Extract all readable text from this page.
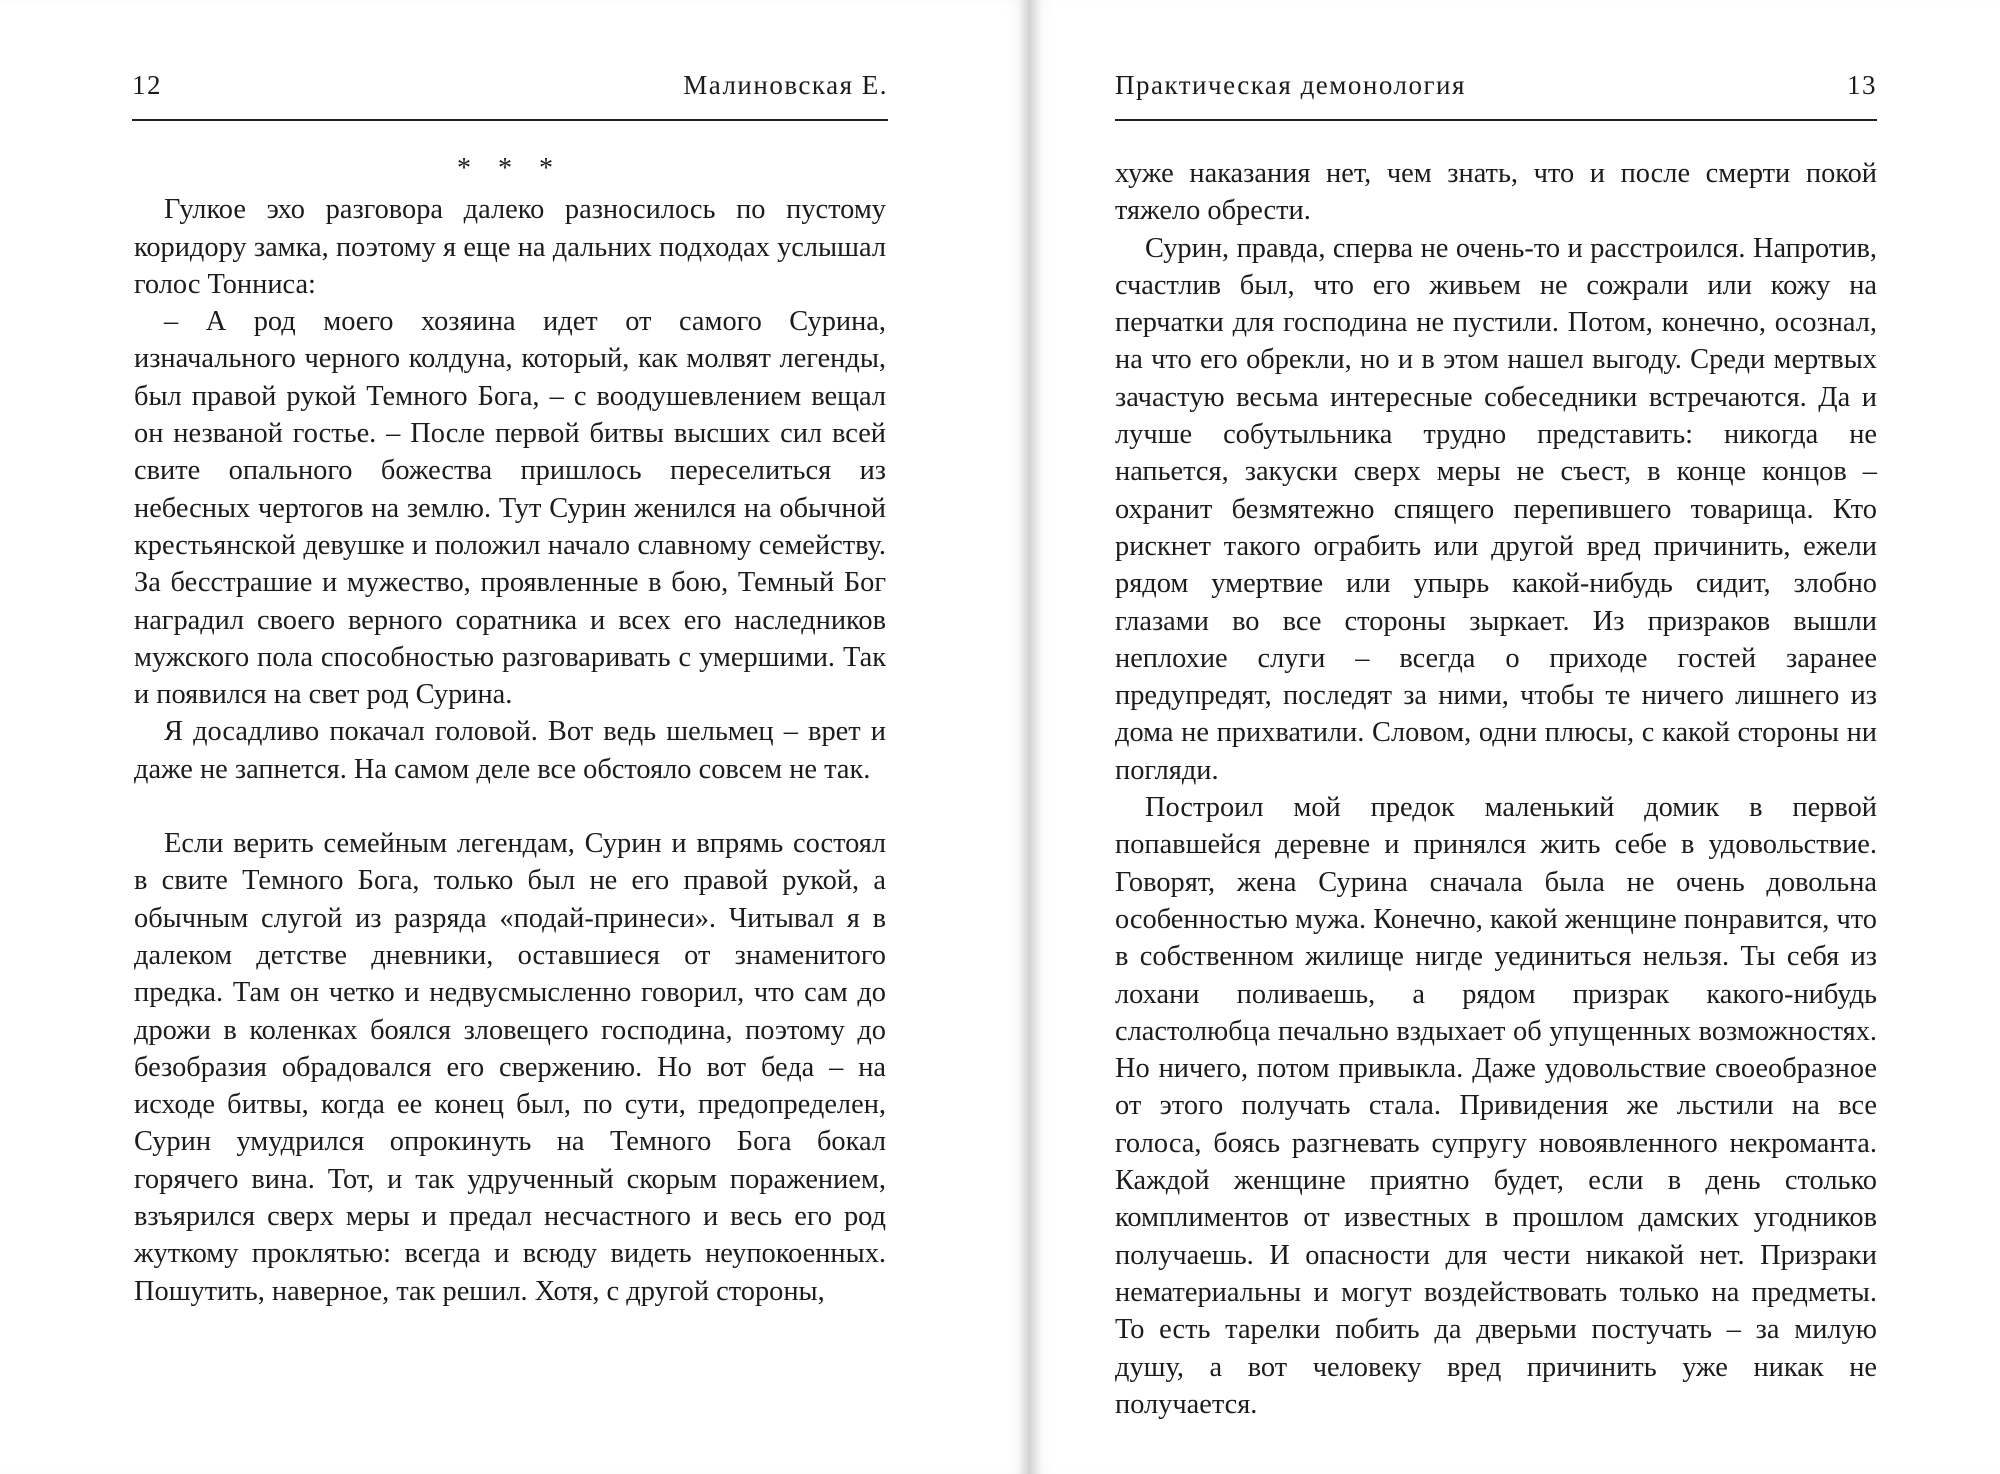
12	Малиновская Е.	Практическая демонология	13
* * *

Гулкое эхо разговора далеко разносилось по пустому коридору замка, поэтому я еще на дальних подходах услышал голос Тонниса:

– А род моего хозяина идет от самого Сурина, изначального черного колдуна, который, как молвят легенды, был правой рукой Темного Бога, – с воодушевлением вещал он незваной гостье. – После первой битвы высших сил всей свите опального божества пришлось переселиться из небесных чертогов на землю. Тут Сурин женился на обычной крестьянской девушке и положил начало славному семейству. За бесстрашие и мужество, проявленные в бою, Темный Бог наградил своего верного соратника и всех его наследников мужского пола способностью разговаривать с умершими. Так и появился на свет род Сурина.

Я досадливо покачал головой. Вот ведь шельмец – врет и даже не запнется. На самом деле все обстояло совсем не так.

Если верить семейным легендам, Сурин и впрямь состоял в свите Темного Бога, только был не его правой рукой, а обычным слугой из разряда «подай-принеси». Читывал я в далеком детстве дневники, оставшиеся от знаменитого предка. Там он четко и недвусмысленно говорил, что сам до дрожи в коленках боялся зловещего господина, поэтому до безобразия обрадовался его свержению. Но вот беда – на исходе битвы, когда ее конец был, по сути, предопределен, Сурин умудрился опрокинуть на Темного Бога бокал горячего вина. Тот, и так удрученный скорым поражением, взъярился сверх меры и предал несчастного и весь его род жуткому проклятью: всегда и всюду видеть неупокоенных. Пошутить, наверное, так решил. Хотя, с другой стороны,

хуже наказания нет, чем знать, что и после смерти покой тяжело обрести.

Сурин, правда, сперва не очень-то и расстроился. Напротив, счастлив был, что его живьем не сожрали или кожу на перчатки для господина не пустили. Потом, конечно, осознал, на что его обрекли, но и в этом нашел выгоду. Среди мертвых зачастую весьма интересные собеседники встречаются. Да и лучше собутыльника трудно представить: никогда не напьется, закуски сверх меры не съест, в конце концов – охранит безмятежно спящего перепившего товарища. Кто рискнет такого ограбить или другой вред причинить, ежели рядом умертвие или упырь какой-нибудь сидит, злобно глазами во все стороны зыркает. Из призраков вышли неплохие слуги – всегда о приходе гостей заранее предупредят, последят за ними, чтобы те ничего лишнего из дома не прихватили. Словом, одни плюсы, с какой стороны ни погляди.

Построил мой предок маленький домик в первой попавшейся деревне и принялся жить себе в удовольствие. Говорят, жена Сурина сначала была не очень довольна особенностью мужа. Конечно, какой женщине понравится, что в собственном жилище нигде уединиться нельзя. Ты себя из лохани поливаешь, а рядом призрак какого-нибудь сластолюбца печально вздыхает об упущенных возможностях. Но ничего, потом привыкла. Даже удовольствие своеобразное от этого получать стала. Привидения же льстили на все голоса, боясь разгневать супругу новоявленного некроманта. Каждой женщине приятно будет, если в день столько комплиментов от известных в прошлом дамских угодников получаешь. И опасности для чести никакой нет. Призраки нематериальны и могут воздействовать только на предметы. То есть тарелки побить да дверьми постучать – за милую душу, а вот человеку вред причинить уже никак не получается.
